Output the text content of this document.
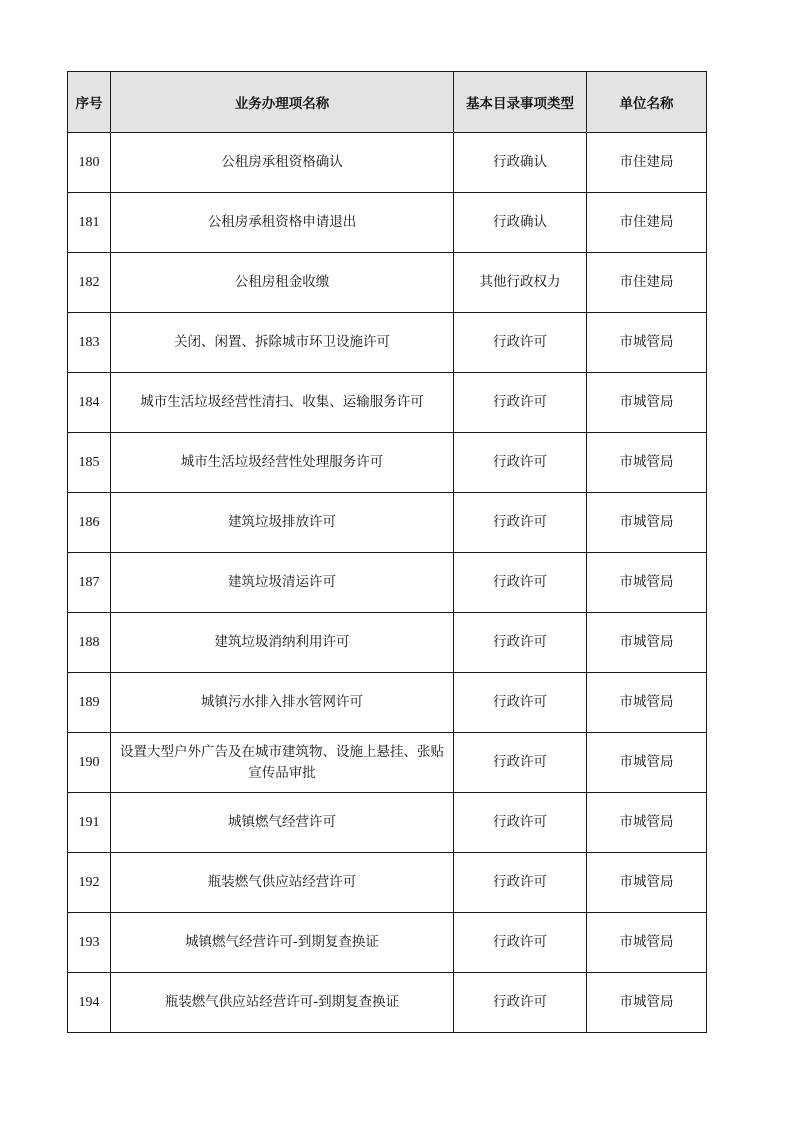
序号	业务办理项名称	基本目录事项类型	单位名称
180	公租房承租资格确认	行政确认	市住建局
181	公租房承租资格申请退出	行政确认	市住建局
182	公租房租金收缴	其他行政权力	市住建局
183	关闭、闲置、拆除城市环卫设施许可	行政许可	市城管局
184	城市生活垃圾经营性清扫、收集、运输服务许可	行政许可	市城管局
185	城市生活垃圾经营性处理服务许可	行政许可	市城管局
186	建筑垃圾排放许可	行政许可	市城管局
187	建筑垃圾清运许可	行政许可	市城管局
188	建筑垃圾消纳利用许可	行政许可	市城管局
189	城镇污水排入排水管网许可	行政许可	市城管局
190	设置大型户外广告及在城市建筑物、设施上悬挂、张贴宣传品审批	行政许可	市城管局
191	城镇燃气经营许可	行政许可	市城管局
192	瓶装燃气供应站经营许可	行政许可	市城管局
193	城镇燃气经营许可-到期复查换证	行政许可	市城管局
194	瓶装燃气供应站经营许可-到期复查换证	行政许可	市城管局
